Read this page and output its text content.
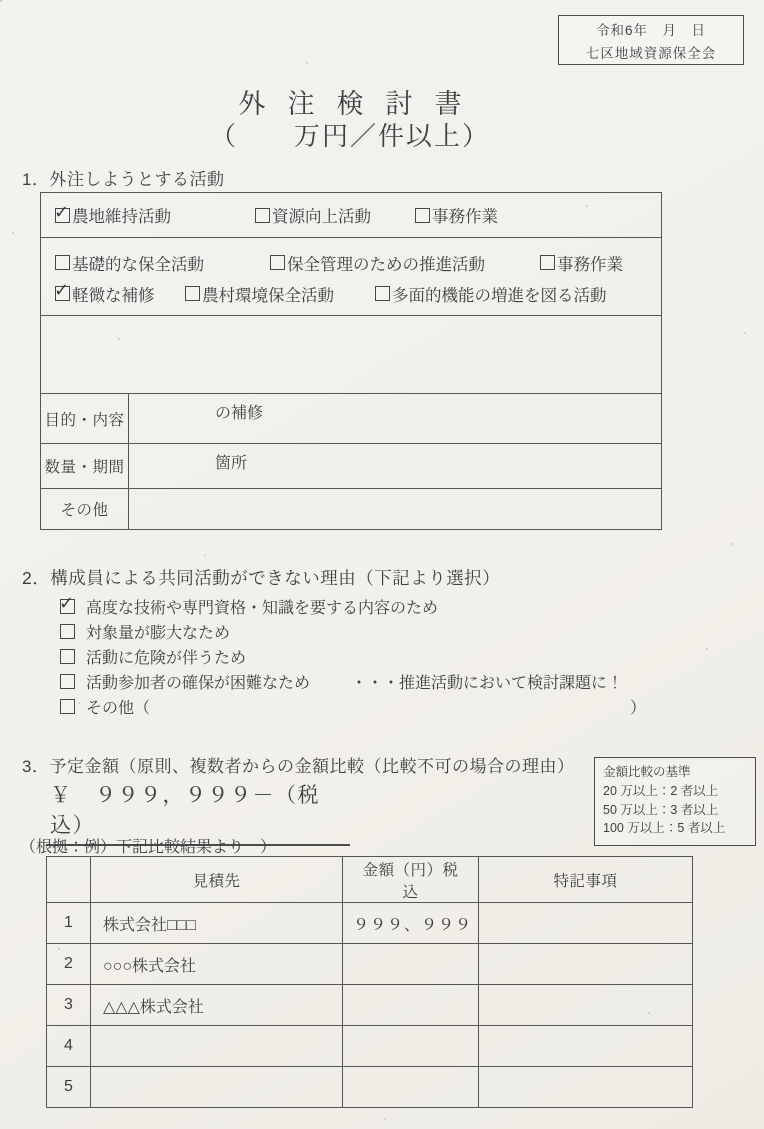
令和6年　月　日
七区地域資源保全会
外注検討書
（　　万円／件以上）
1．外注しようとする活動
✓
農地維持活動	資源向上活動	事務作業
基礎的な保全活動	保全管理のための推進活動	事務作業
✓
軽微な補修	農村環境保全活動	多面的機能の増進を図る活動
目的・内容	の補修
数量・期間	箇所
その他
2．構成員による共同活動ができない理由（下記より選択）
✓
高度な技術や専門資格・知識を要する内容のため
対象量が膨大なため
活動に危険が伴うため
活動参加者の確保が困難なため	・・・推進活動において検討課題に！
その他（	）
3．予定金額（原則、複数者からの金額比較（比較不可の場合の理由）
￥　９９９，９９９－（税込）
金額比較の基準
20 万以上：2 者以上
50 万以上：3 者以上
100 万以上：5 者以上
（根拠：例）下記比較結果より　）
	見積先	金額（円）税込	特記事項
1	株式会社□□□	９９９、９９９	
2	○○○株式会社		
3	△△△株式会社		
4			
5			
